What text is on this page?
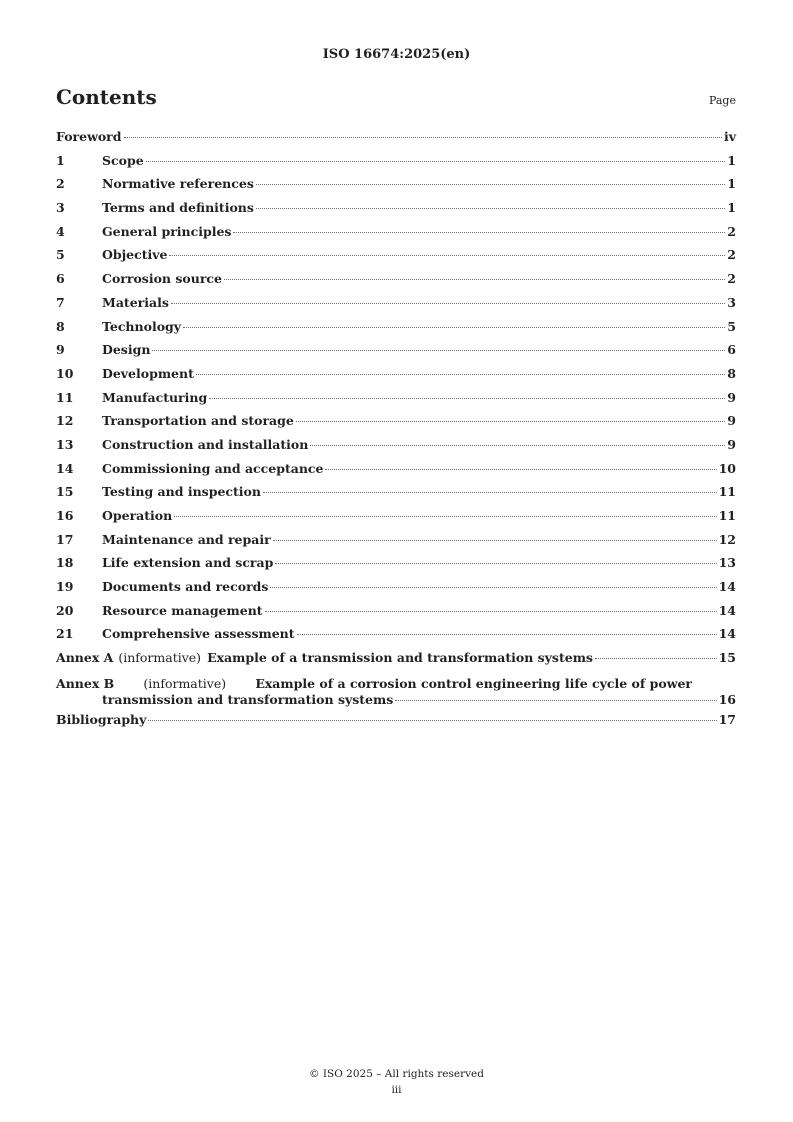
ISO 16674:2025(en)
Contents	Page
Foreword	iv
1	Scope	1
2	Normative references	1
3	Terms and definitions	1
4	General principles	2
5	Objective	2
6	Corrosion source	2
7	Materials	3
8	Technology	5
9	Design	6
10	Development	8
11	Manufacturing	9
12	Transportation and storage	9
13	Construction and installation	9
14	Commissioning and acceptance	10
15	Testing and inspection	11
16	Operation	11
17	Maintenance and repair	12
18	Life extension and scrap	13
19	Documents and records	14
20	Resource management	14
21	Comprehensive assessment	14
Annex A (informative) Example of a transmission and transformation systems	15
Annex B (informative) Example of a corrosion control engineering life cycle of power
transmission and transformation systems	16
Bibliography	17
© ISO 2025 – All rights reserved
iii
